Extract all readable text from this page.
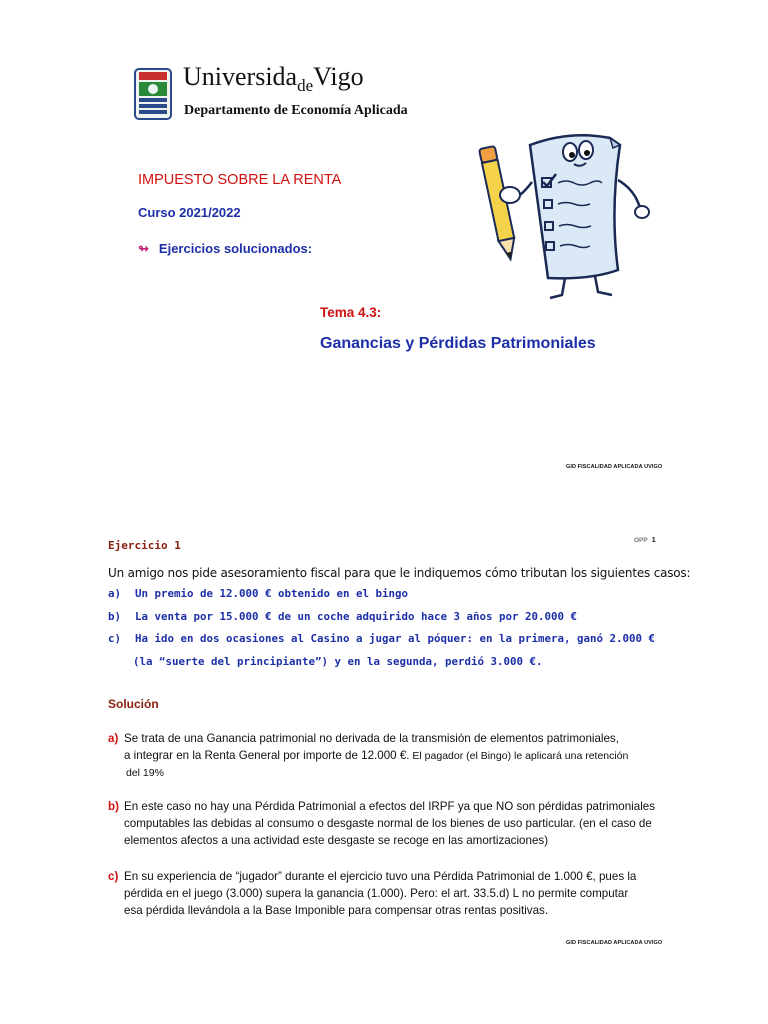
Universida$_{de}$Vigo
Departamento de Economía Aplicada
IMPUESTO SOBRE LA RENTA
Curso 2021/2022
↬ Ejercicios solucionados:
Tema 4.3:
Ganancias y Pérdidas Patrimoniales
GID FISCALIDAD APLICADA UVIGO
Ejercicio 1	OPP 1
Un amigo nos pide asesoramiento fiscal para que le indiquemos cómo tributan los siguientes casos:
a) Un premio de 12.000 € obtenido en el bingo
b) La venta por 15.000 € de un coche adquirido hace 3 años por 20.000 €
c) Ha ido en dos ocasiones al Casino a jugar al póquer: en la primera, ganó 2.000 €
(la “suerte del principiante”) y en la segunda, perdió 3.000 €.
Solución
a) Se trata de una Ganancia patrimonial no derivada de la transmisión de elementos patrimoniales,
a integrar en la Renta General por importe de 12.000 €. El pagador (el Bingo) le aplicará una retención
del 19%
b) En este caso no hay una Pérdida Patrimonial a efectos del IRPF ya que NO son pérdidas patrimoniales
computables las debidas al consumo o desgaste normal de los bienes de uso particular. (en el caso de
elementos afectos a una actividad este desgaste se recoge en las amortizaciones)
c) En su experiencia de “jugador” durante el ejercicio tuvo una Pérdida Patrimonial de 1.000 €, pues la
pérdida en el juego (3.000) supera la ganancia (1.000). Pero: el art. 33.5.d) L no permite computar
esa pérdida llevándola a la Base Imponible para compensar otras rentas positivas.
GID FISCALIDAD APLICADA UVIGO
